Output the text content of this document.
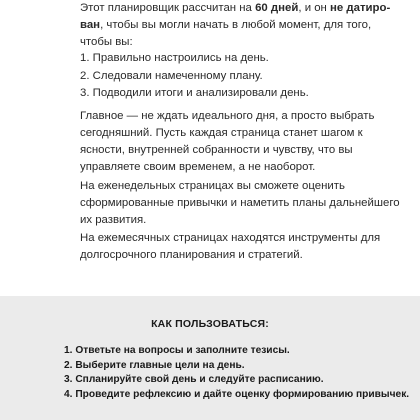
Этот планировщик рассчитан на 60 дней, и он не датиро-ван, чтобы вы могли начать в любой момент, для того, чтобы вы:

1. Правильно настроились на день.
2. Следовали намеченному плану.
3. Подводили итоги и анализировали день.

Главное — не ждать идеального дня, а просто выбрать сегодняшний. Пусть каждая страница станет шагом к ясности, внутренней собранности и чувству, что вы управляете своим временем, а не наоборот.

На еженедельных страницах вы сможете оценить сформированные привычки и наметить планы дальнейшего их развития.

На ежемесячных страницах находятся инструменты для долгосрочного планирования и стратегий.

КАК ПОЛЬЗОВАТЬСЯ:
1. Ответьте на вопросы и заполните тезисы.
2. Выберите главные цели на день.
3. Спланируйте свой день и следуйте расписанию.
4. Проведите рефлексию и дайте оценку формированию привычек.
